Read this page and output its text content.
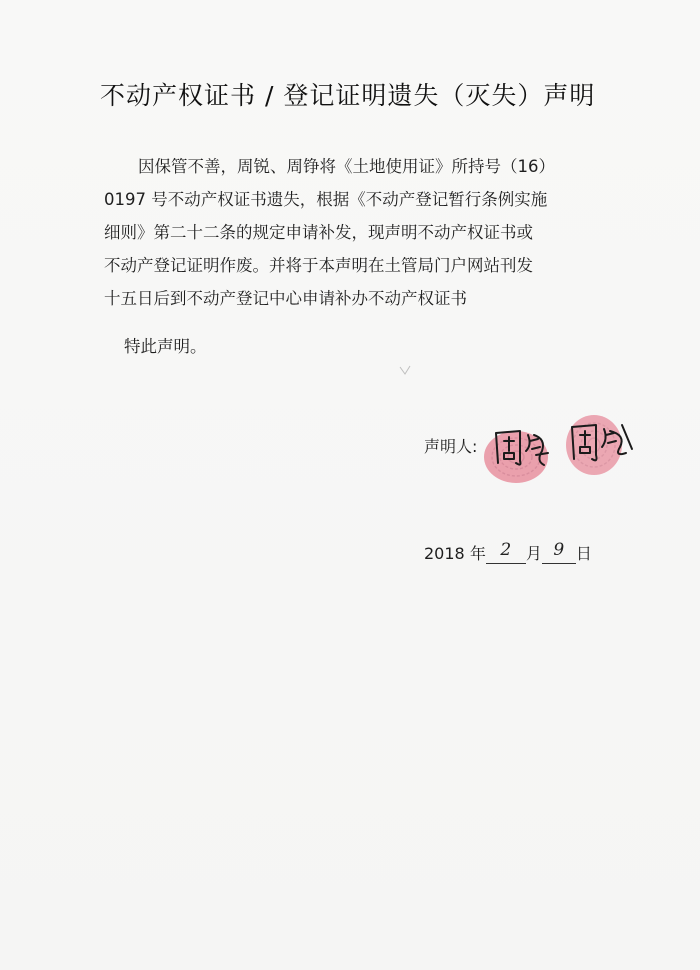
不动产权证书 / 登记证明遗失（灭失）声明
因保管不善，周锐、周铮将《土地使用证》所持号（16）
0197 号不动产权证书遗失，根据《不动产登记暂行条例实施
细则》第二十二条的规定申请补发，现声明不动产权证书或
不动产登记证明作废。并将于本声明在土管局门户网站刊发
十五日后到不动产登记中心申请补办不动产权证书
特此声明。
声明人:
2018 年 2 月 9 日
